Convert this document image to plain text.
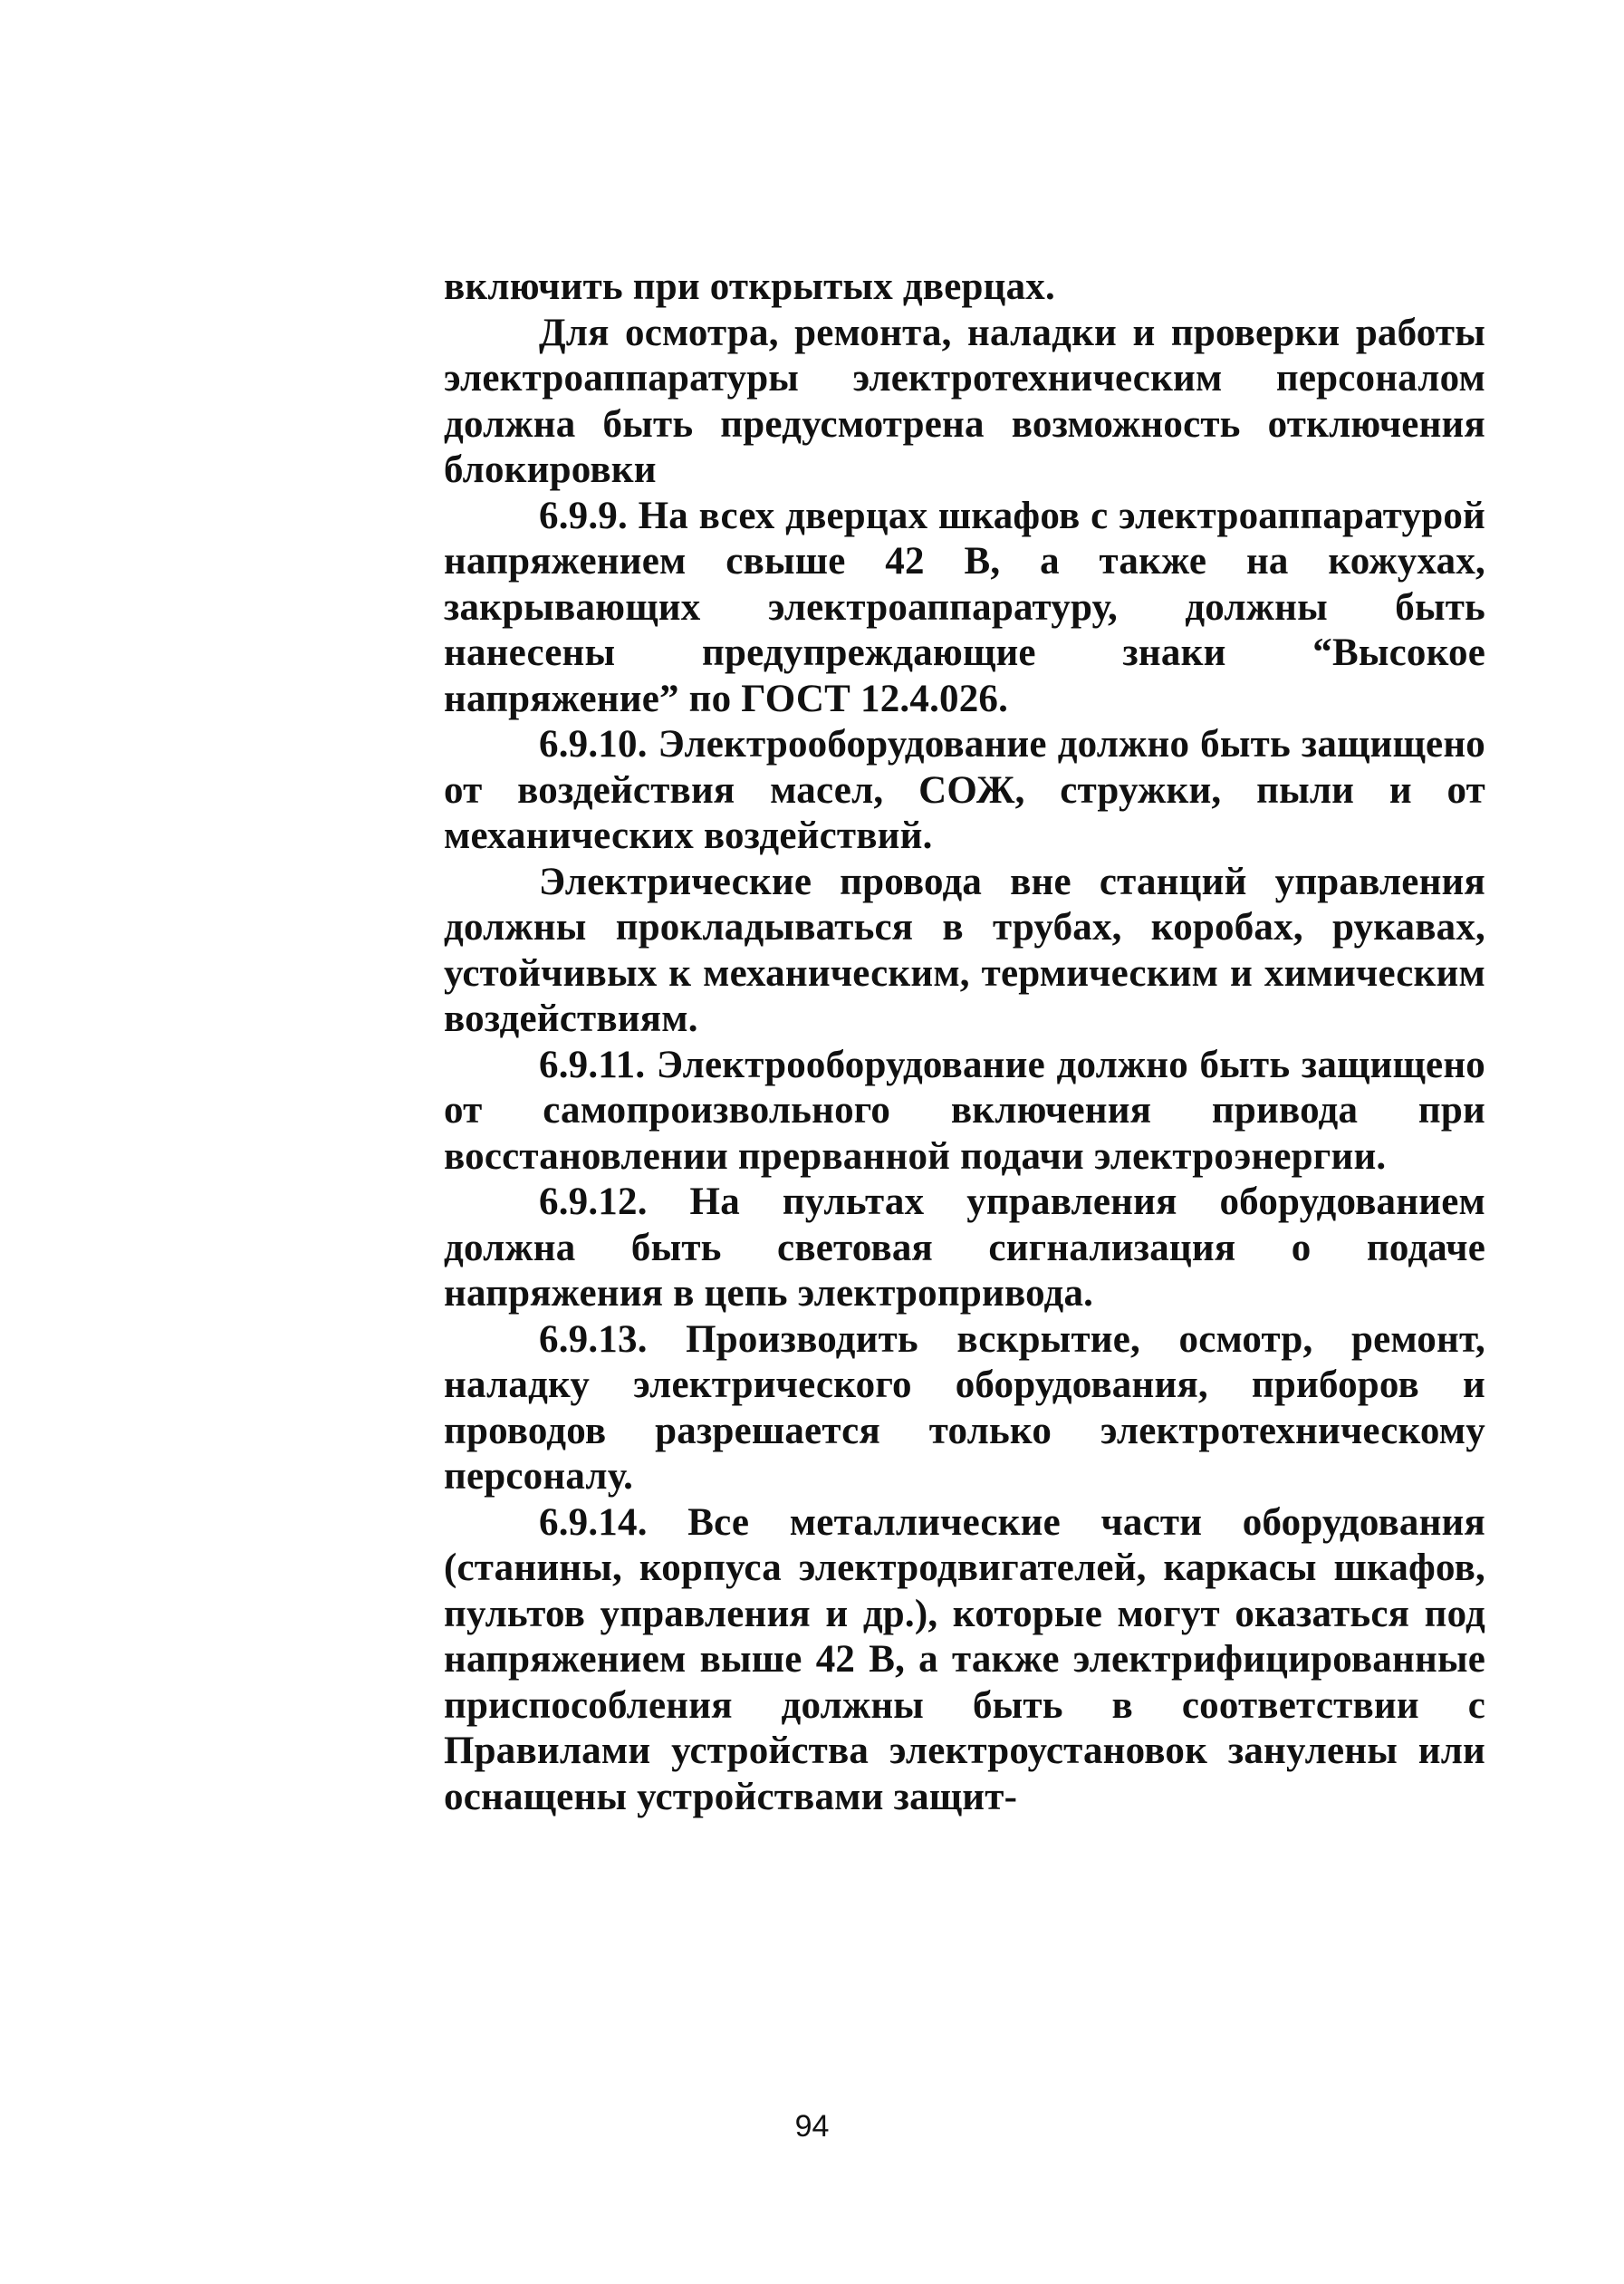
включить при открытых дверцах.

Для осмотра, ремонта, наладки и проверки работы электроаппаратуры электротехническим персоналом должна быть предусмотрена возможность отключения блокировки

6.9.9. На всех дверцах шкафов с электроаппаратурой напряжением свыше 42 В, а также на кожухах, закрывающих электроаппаратуру, должны быть нанесены предупреждающие знаки “Высокое напряжение” по ГОСТ 12.4.026.

6.9.10. Электрооборудование должно быть защищено от воздействия масел, СОЖ, стружки, пыли и от механических воздействий.

Электрические провода вне станций управления должны прокладываться в трубах, коробах, рукавах, устойчивых к механическим, термическим и химическим воздействиям.

6.9.11. Электрооборудование должно быть защищено от самопроизвольного включения привода при восстановлении прерванной подачи электроэнергии.

6.9.12. На пультах управления оборудованием должна быть световая сигнализация о подаче напряжения в цепь электропривода.

6.9.13. Производить вскрытие, осмотр, ремонт, наладку электрического оборудования, приборов и проводов разрешается только электротехническому персоналу.

6.9.14. Все металлические части оборудования (станины, корпуса электродвигателей, каркасы шкафов, пультов управления и др.), которые могут оказаться под напряжением выше 42 В, а также электрифицированные приспособления должны быть в соответствии с Правилами устройства электроустановок занулены или оснащены устройствами защит-

94
